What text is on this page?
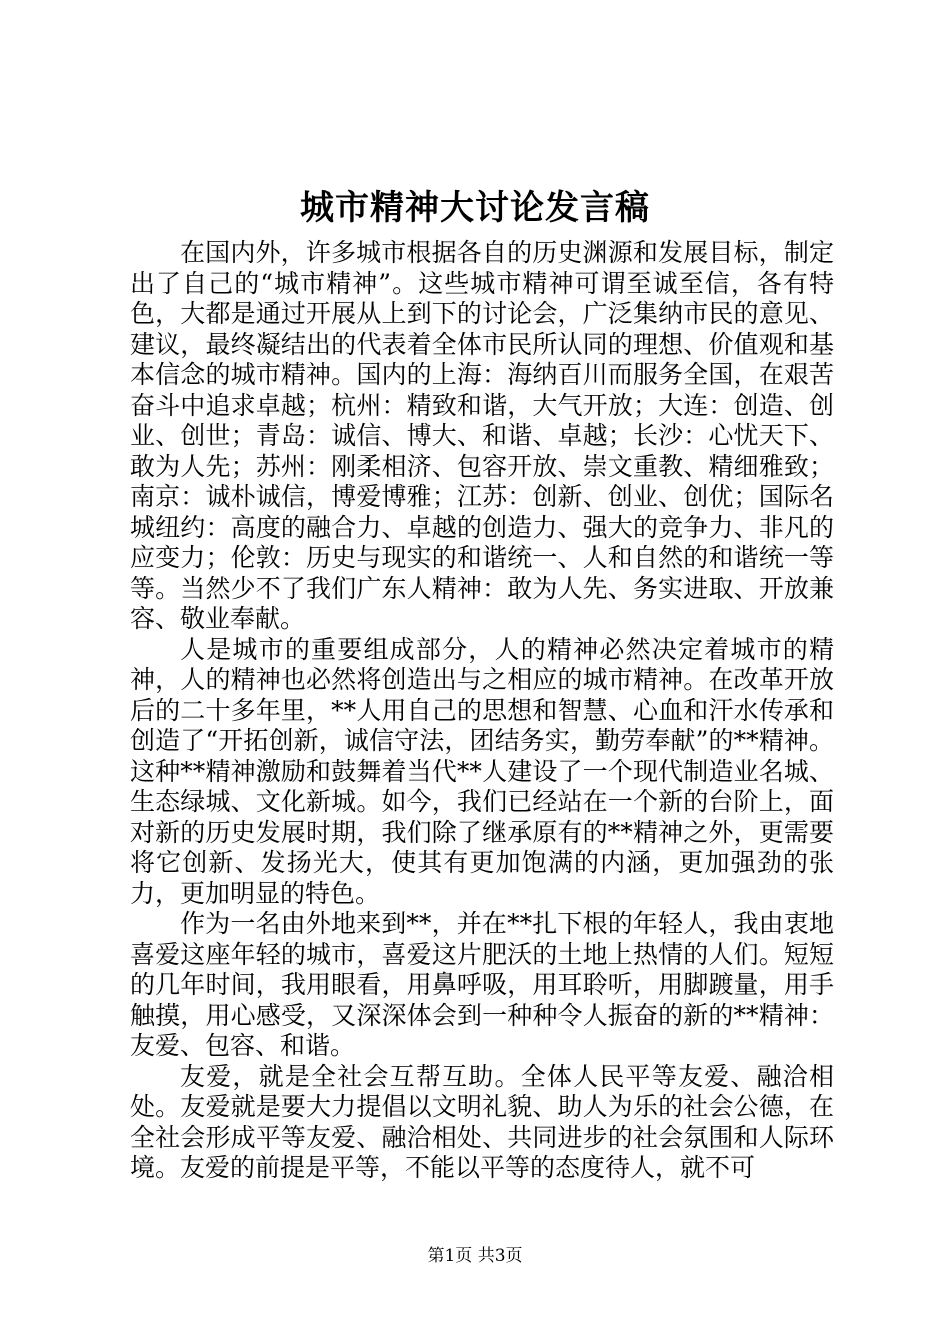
城市精神大讨论发言稿

在国内外，许多城市根据各自的历史渊源和发展目标，制定出了自己的“城市精神”。这些城市精神可谓至诚至信，各有特色，大都是通过开展从上到下的讨论会，广泛集纳市民的意见、建议，最终凝结出的代表着全体市民所认同的理想、价值观和基本信念的城市精神。国内的上海：海纳百川而服务全国，在艰苦奋斗中追求卓越；杭州：精致和谐，大气开放；大连：创造、创业、创世；青岛：诚信、博大、和谐、卓越；长沙：心忧天下、敢为人先；苏州：刚柔相济、包容开放、崇文重教、精细雅致；南京：诚朴诚信，博爱博雅；江苏：创新、创业、创优；国际名城纽约：高度的融合力、卓越的创造力、强大的竞争力、非凡的应变力；伦敦：历史与现实的和谐统一、人和自然的和谐统一等等。当然少不了我们广东人精神：敢为人先、务实进取、开放兼容、敬业奉献。

人是城市的重要组成部分，人的精神必然决定着城市的精神，人的精神也必然将创造出与之相应的城市精神。在改革开放后的二十多年里，**人用自己的思想和智慧、心血和汗水传承和创造了“开拓创新，诚信守法，团结务实，勤劳奉献”的**精神。这种**精神激励和鼓舞着当代**人建设了一个现代制造业名城、生态绿城、文化新城。如今，我们已经站在一个新的台阶上，面对新的历史发展时期，我们除了继承原有的**精神之外，更需要将它创新、发扬光大，使其有更加饱满的内涵，更加强劲的张力，更加明显的特色。

作为一名由外地来到**，并在**扎下根的年轻人，我由衷地喜爱这座年轻的城市，喜爱这片肥沃的土地上热情的人们。短短的几年时间，我用眼看，用鼻呼吸，用耳聆听，用脚踱量，用手触摸，用心感受，又深深体会到一种种令人振奋的新的**精神：友爱、包容、和谐。

友爱，就是全社会互帮互助。全体人民平等友爱、融洽相处。友爱就是要大力提倡以文明礼貌、助人为乐的社会公德，在全社会形成平等友爱、融洽相处、共同进步的社会氛围和人际环境。友爱的前提是平等，不能以平等的态度待人，就不可

第1页 共3页
